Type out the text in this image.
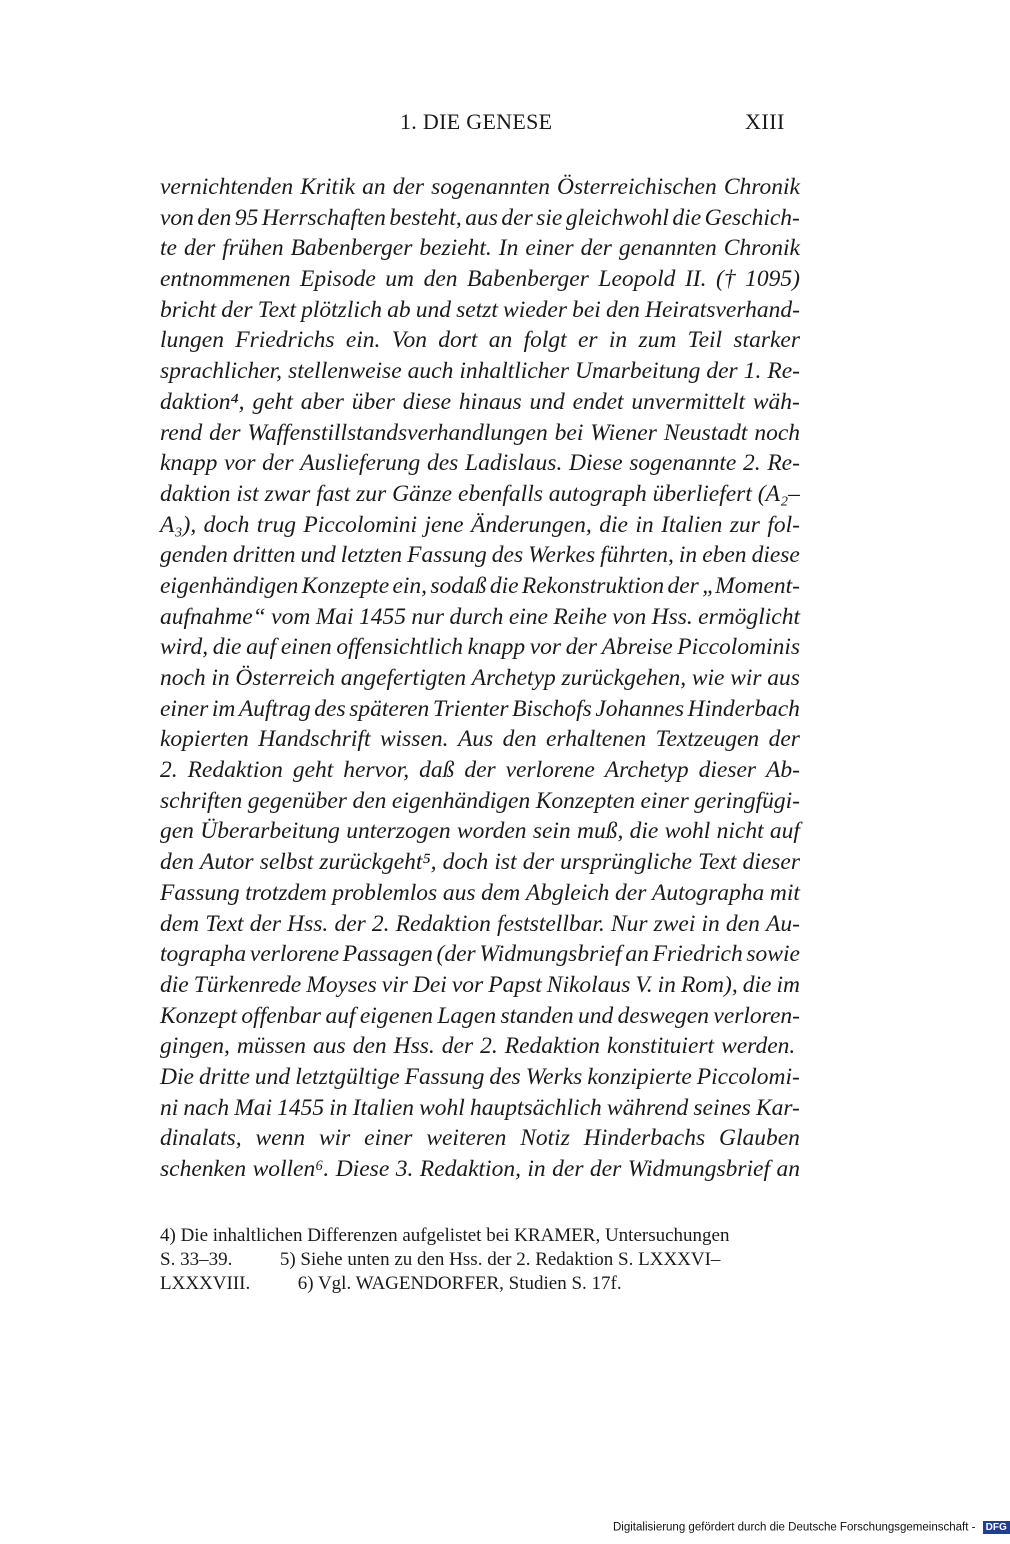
1. DIE GENESE	XIII
vernichtenden Kritik an der sogenannten Österreichischen Chronik
von den 95 Herrschaften besteht, aus der sie gleichwohl die Geschich-
te der frühen Babenberger bezieht. In einer der genannten Chronik
entnommenen Episode um den Babenberger Leopold II. († 1095)
bricht der Text plötzlich ab und setzt wieder bei den Heiratsverhand-
lungen Friedrichs ein. Von dort an folgt er in zum Teil starker
sprachlicher, stellenweise auch inhaltlicher Umarbeitung der 1. Re-
daktion⁴, geht aber über diese hinaus und endet unvermittelt wäh-
rend der Waffenstillstandsverhandlungen bei Wiener Neustadt noch
knapp vor der Auslieferung des Ladislaus. Diese sogenannte 2. Re-
daktion ist zwar fast zur Gänze ebenfalls autograph überliefert (A₂–
A₃), doch trug Piccolomini jene Änderungen, die in Italien zur fol-
genden dritten und letzten Fassung des Werkes führten, in eben diese
eigenhändigen Konzepte ein, sodaß die Rekonstruktion der „Moment-
aufnahme“ vom Mai 1455 nur durch eine Reihe von Hss. ermöglicht
wird, die auf einen offensichtlich knapp vor der Abreise Piccolominis
noch in Österreich angefertigten Archetyp zurückgehen, wie wir aus
einer im Auftrag des späteren Trienter Bischofs Johannes Hinderbach
kopierten Handschrift wissen. Aus den erhaltenen Textzeugen der
2. Redaktion geht hervor, daß der verlorene Archetyp dieser Ab-
schriften gegenüber den eigenhändigen Konzepten einer geringfügi-
gen Überarbeitung unterzogen worden sein muß, die wohl nicht auf
den Autor selbst zurückgeht⁵, doch ist der ursprüngliche Text dieser
Fassung trotzdem problemlos aus dem Abgleich der Autographa mit
dem Text der Hss. der 2. Redaktion feststellbar. Nur zwei in den Au-
tographa verlorene Passagen (der Widmungsbrief an Friedrich sowie
die Türkenrede Moyses vir Dei vor Papst Nikolaus V. in Rom), die im
Konzept offenbar auf eigenen Lagen standen und deswegen verloren-
gingen, müssen aus den Hss. der 2. Redaktion konstituiert werden.
Die dritte und letztgültige Fassung des Werks konzipierte Piccolomi-
ni nach Mai 1455 in Italien wohl hauptsächlich während seines Kar-
dinalats, wenn wir einer weiteren Notiz Hinderbachs Glauben
schenken wollen⁶. Diese 3. Redaktion, in der der Widmungsbrief an
4) Die inhaltlichen Differenzen aufgelistet bei KRAMER, Untersuchungen
S. 33–39.          5) Siehe unten zu den Hss. der 2. Redaktion S. LXXXVI–
LXXXVIII.          6) Vgl. WAGENDORFER, Studien S. 17f.
Digitalisierung gefördert durch die Deutsche Forschungsgemeinschaft - DFG
